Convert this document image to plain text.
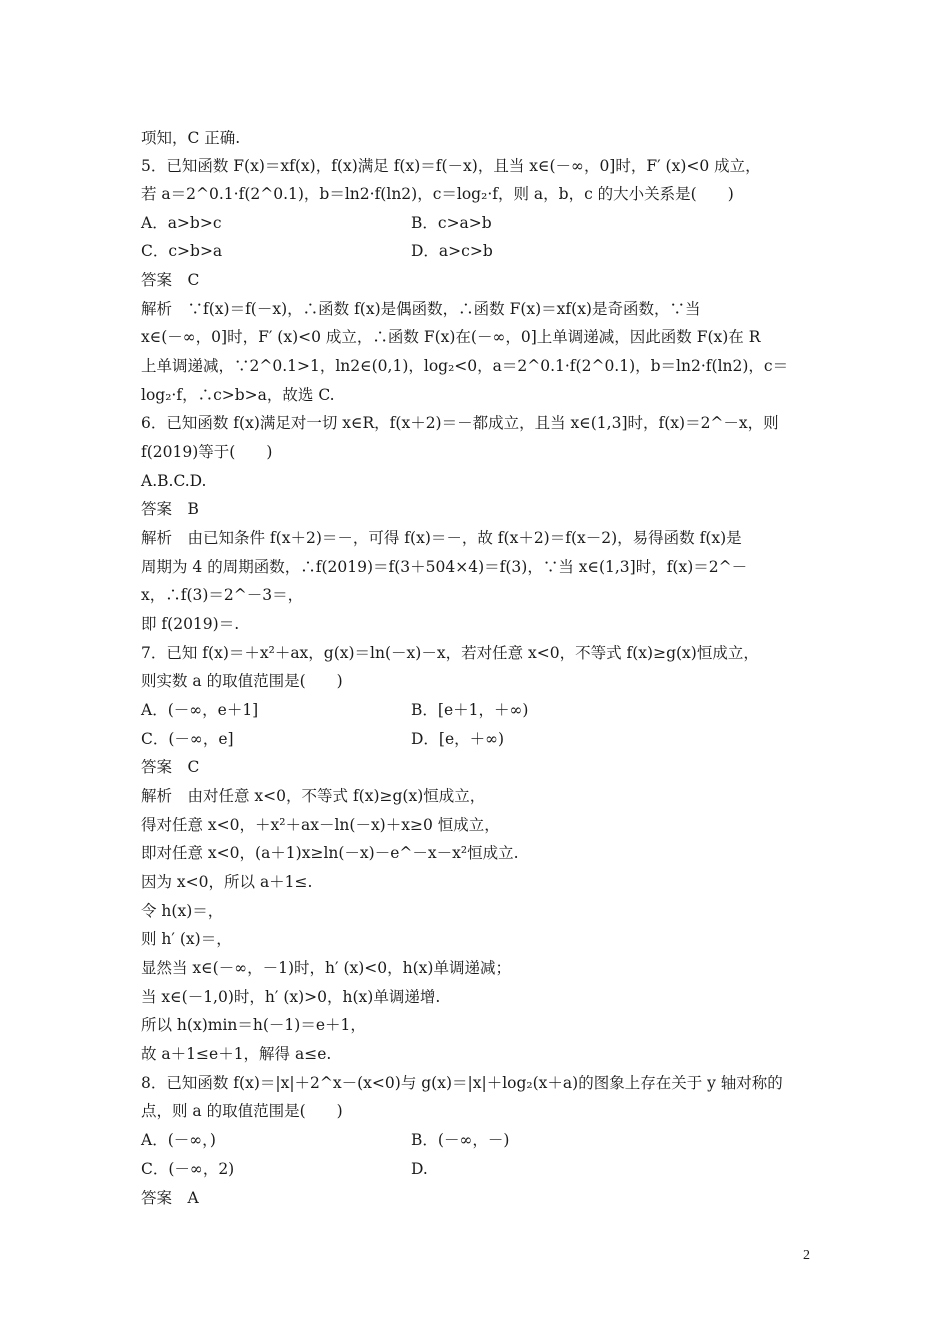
项知，C 正确.
5．已知函数 F(x)＝xf(x)，f(x)满足 f(x)＝f(－x)，且当 x∈(－∞，0]时，F′ (x)<0 成立，
若 a＝2^0.1·f(2^0.1)，b＝ln2·f(ln2)，c＝log₂·f，则 a，b，c 的大小关系是(　　)
A．a>b>c	B．c>a>b
C．c>b>a	D．a>c>b
答案　C
解析　∵f(x)＝f(－x)，∴函数 f(x)是偶函数，∴函数 F(x)＝xf(x)是奇函数，∵当
x∈(－∞，0]时，F′ (x)<0 成立，∴函数 F(x)在(－∞，0]上单调递减，因此函数 F(x)在 R
上单调递减，∵2^0.1>1，ln2∈(0,1)，log₂<0，a＝2^0.1·f(2^0.1)，b＝ln2·f(ln2)，c＝
log₂·f，∴c>b>a，故选 C.
6．已知函数 f(x)满足对一切 x∈R，f(x＋2)＝－都成立，且当 x∈(1,3]时，f(x)＝2^－x，则
f(2019)等于(　　)
A.B.C.D.
答案　B
解析　由已知条件 f(x＋2)＝－，可得 f(x)＝－，故 f(x＋2)＝f(x－2)，易得函数 f(x)是
周期为 4 的周期函数，∴f(2019)＝f(3＋504×4)＝f(3)，∵当 x∈(1,3]时，f(x)＝2^－
x，∴f(3)＝2^－3＝，
即 f(2019)＝.
7．已知 f(x)＝＋x²＋ax，g(x)＝ln(－x)－x，若对任意 x<0，不等式 f(x)≥g(x)恒成立，
则实数 a 的取值范围是(　　)
A．(－∞，e＋1]	B．[e＋1，＋∞)
C．(－∞，e]	D．[e，＋∞)
答案　C
解析　由对任意 x<0，不等式 f(x)≥g(x)恒成立，
得对任意 x<0，＋x²＋ax－ln(－x)＋x≥0 恒成立，
即对任意 x<0，(a＋1)x≥ln(－x)－e^－x－x²恒成立.
因为 x<0，所以 a＋1≤.
令 h(x)＝，
则 h′ (x)＝，
显然当 x∈(－∞，－1)时，h′ (x)<0，h(x)单调递减；
当 x∈(－1,0)时，h′ (x)>0，h(x)单调递增.
所以 h(x)min＝h(－1)＝e＋1，
故 a＋1≤e＋1，解得 a≤e.
8．已知函数 f(x)＝|x|＋2^x－(x<0)与 g(x)＝|x|＋log₂(x＋a)的图象上存在关于 y 轴对称的
点，则 a 的取值范围是(　　)
A．(－∞，)	B．(－∞，－)
C．(－∞，2)	D.
答案　A
2
